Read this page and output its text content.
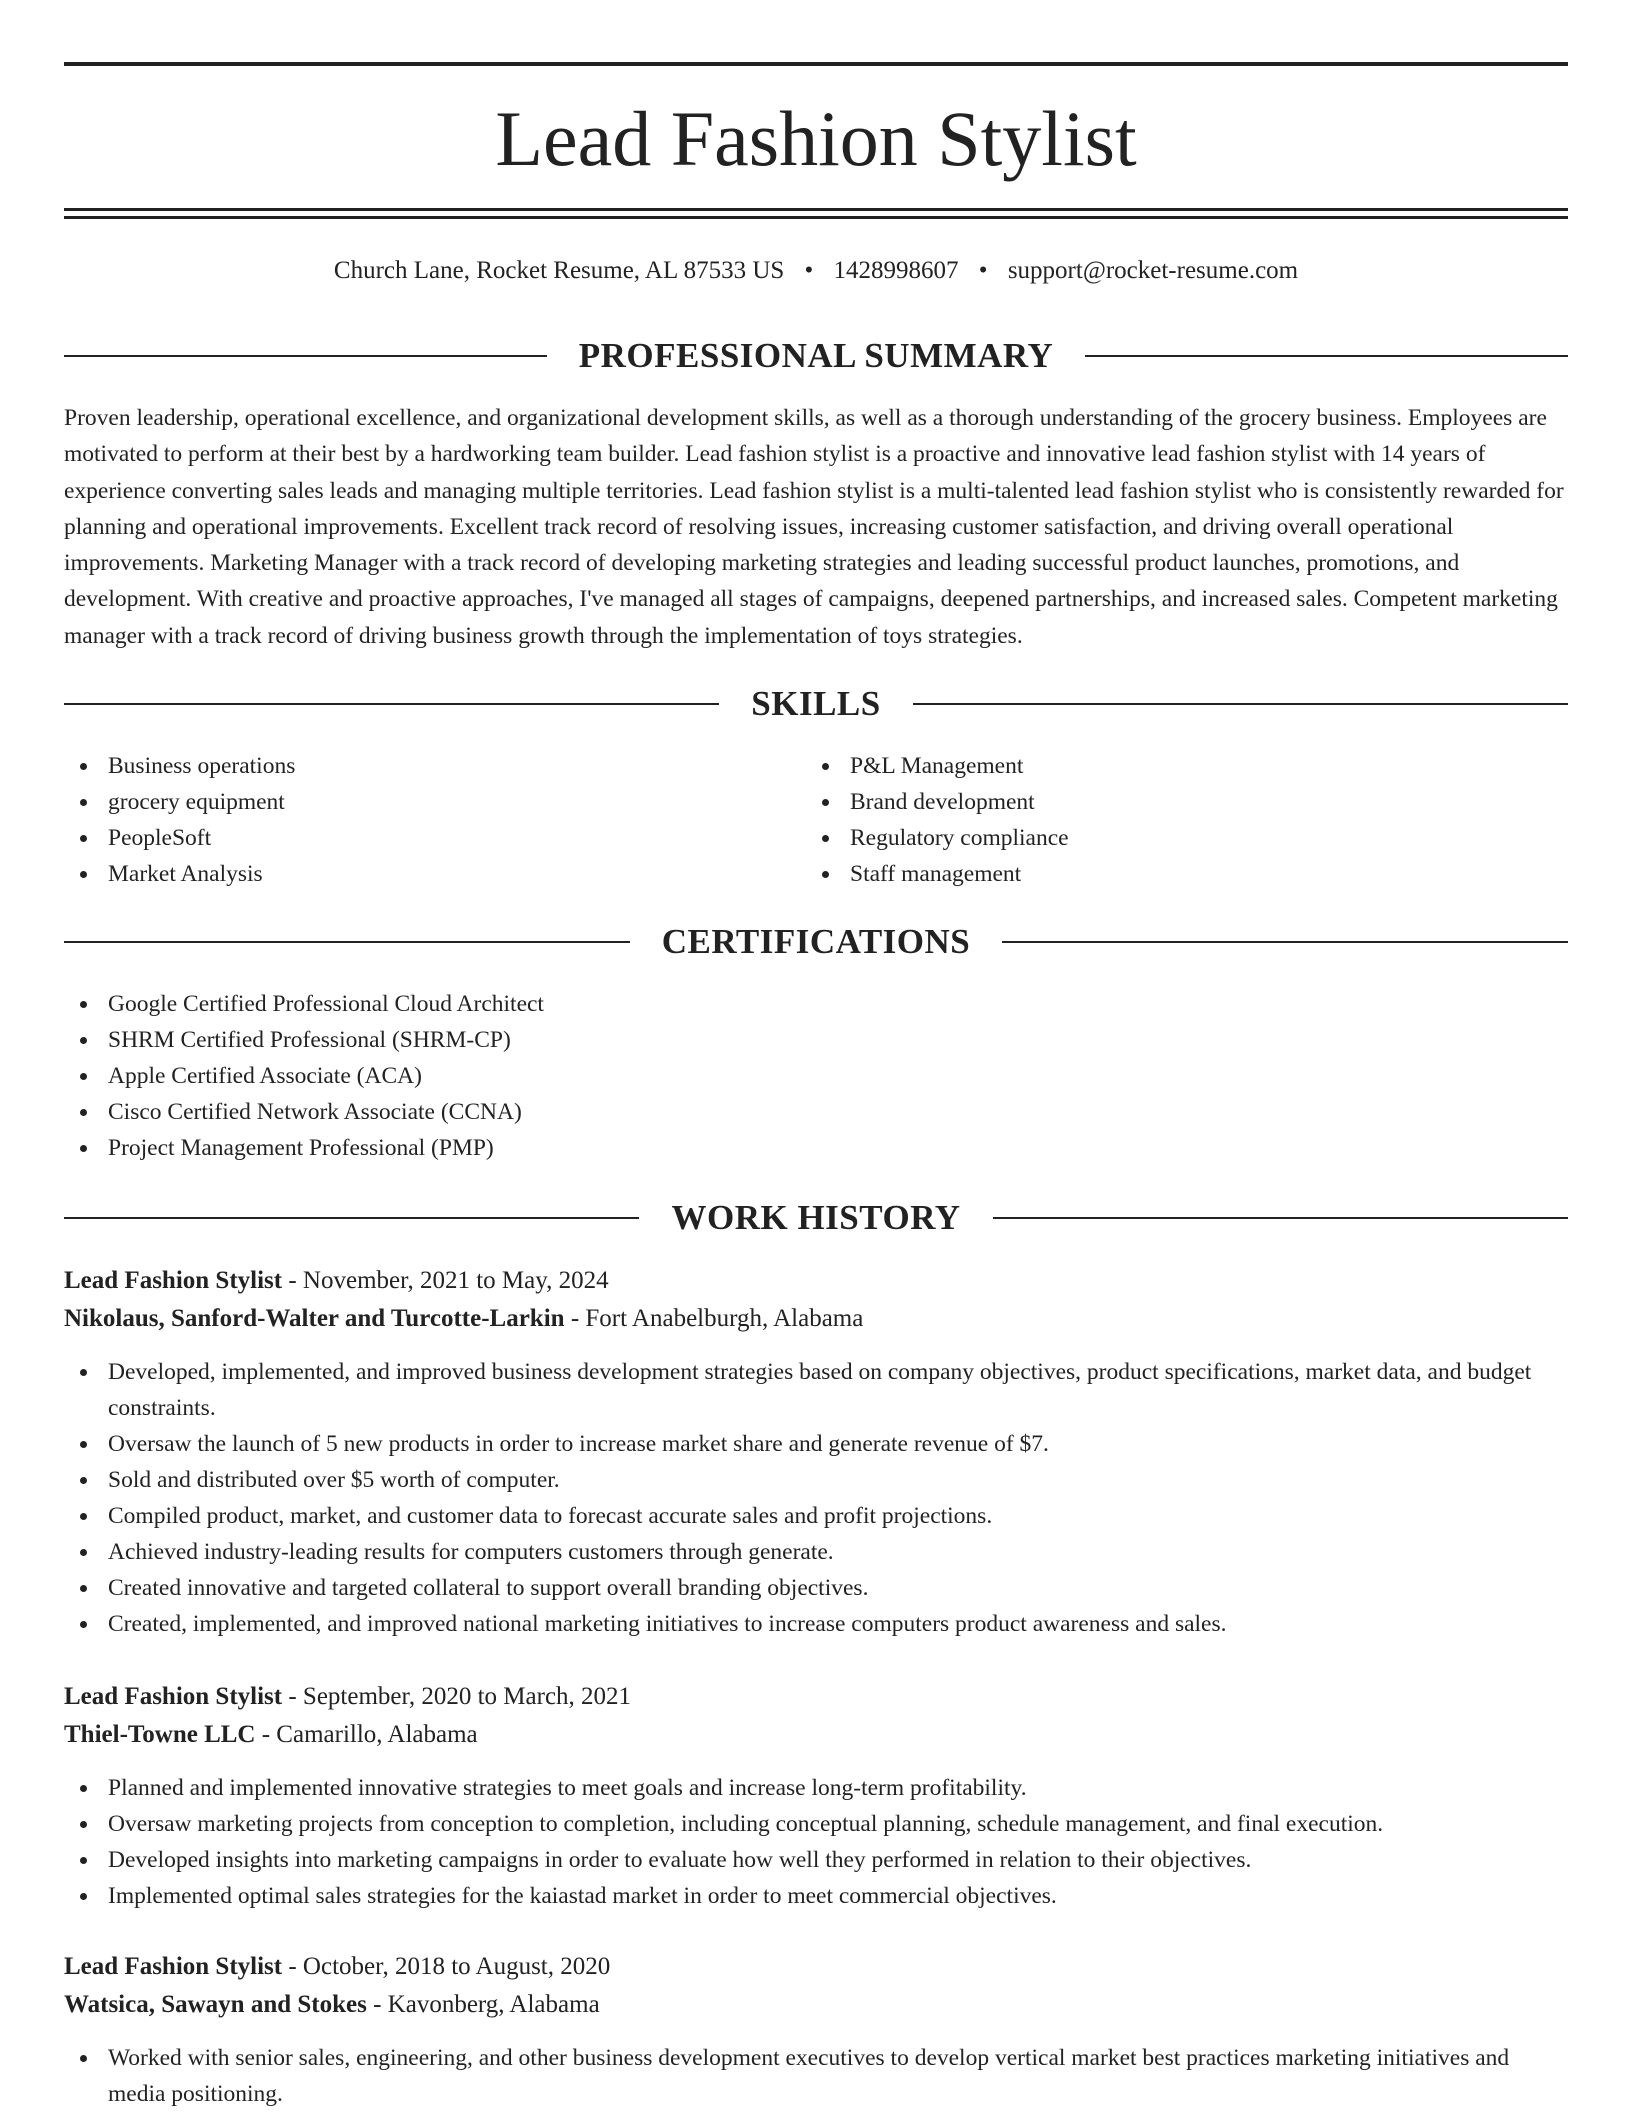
Lead Fashion Stylist
Church Lane, Rocket Resume, AL 87533 US • 1428998607 • support@rocket-resume.com
PROFESSIONAL SUMMARY

Proven leadership, operational excellence, and organizational development skills, as well as a thorough understanding of the grocery business. Employees are motivated to perform at their best by a hardworking team builder. Lead fashion stylist is a proactive and innovative lead fashion stylist with 14 years of experience converting sales leads and managing multiple territories. Lead fashion stylist is a multi-talented lead fashion stylist who is consistently rewarded for planning and operational improvements. Excellent track record of resolving issues, increasing customer satisfaction, and driving overall operational improvements. Marketing Manager with a track record of developing marketing strategies and leading successful product launches, promotions, and development. With creative and proactive approaches, I've managed all stages of campaigns, deepened partnerships, and increased sales. Competent marketing manager with a track record of driving business growth through the implementation of toys strategies.

SKILLS
Business operations
grocery equipment
PeopleSoft
Market Analysis
P&L Management
Brand development
Regulatory compliance
Staff management
CERTIFICATIONS
Google Certified Professional Cloud Architect
SHRM Certified Professional (SHRM-CP)
Apple Certified Associate (ACA)
Cisco Certified Network Associate (CCNA)
Project Management Professional (PMP)
WORK HISTORY
Lead Fashion Stylist - November, 2021 to May, 2024
Nikolaus, Sanford-Walter and Turcotte-Larkin - Fort Anabelburgh, Alabama
Developed, implemented, and improved business development strategies based on company objectives, product specifications, market data, and budget constraints.
Oversaw the launch of 5 new products in order to increase market share and generate revenue of $7.
Sold and distributed over $5 worth of computer.
Compiled product, market, and customer data to forecast accurate sales and profit projections.
Achieved industry-leading results for computers customers through generate.
Created innovative and targeted collateral to support overall branding objectives.
Created, implemented, and improved national marketing initiatives to increase computers product awareness and sales.
Lead Fashion Stylist - September, 2020 to March, 2021
Thiel-Towne LLC - Camarillo, Alabama
Planned and implemented innovative strategies to meet goals and increase long-term profitability.
Oversaw marketing projects from conception to completion, including conceptual planning, schedule management, and final execution.
Developed insights into marketing campaigns in order to evaluate how well they performed in relation to their objectives.
Implemented optimal sales strategies for the kaiastad market in order to meet commercial objectives.
Lead Fashion Stylist - October, 2018 to August, 2020
Watsica, Sawayn and Stokes - Kavonberg, Alabama
Worked with senior sales, engineering, and other business development executives to develop vertical market best practices marketing initiatives and media positioning.
